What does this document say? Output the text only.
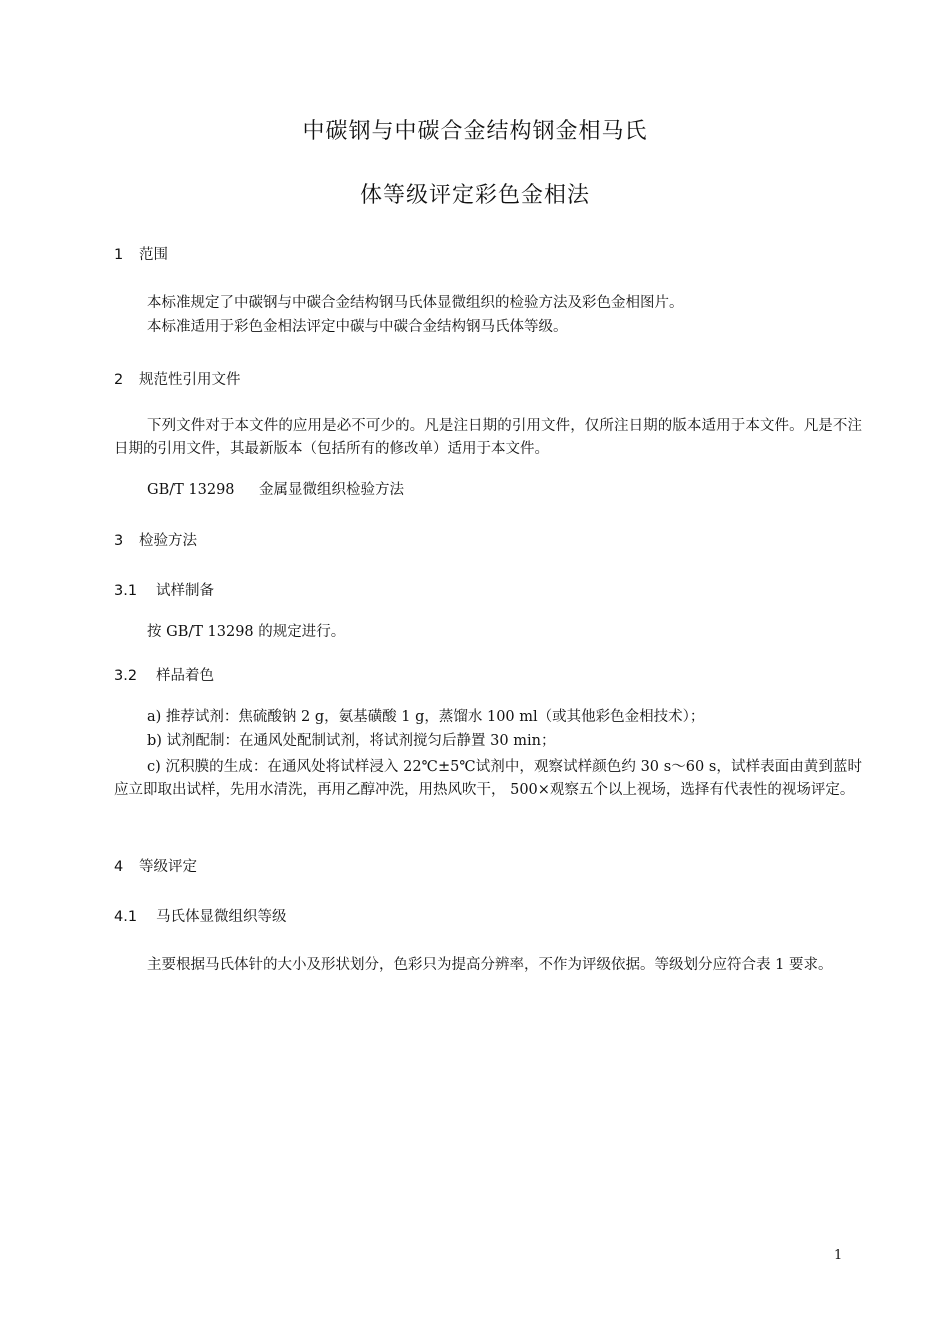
中碳钢与中碳合金结构钢金相马氏
体等级评定彩色金相法
1 范围
本标准规定了中碳钢与中碳合金结构钢马氏体显微组织的检验方法及彩色金相图片。
本标准适用于彩色金相法评定中碳与中碳合金结构钢马氏体等级。
2 规范性引用文件
下列文件对于本文件的应用是必不可少的。凡是注日期的引用文件，仅所注日期的版本适用于本文件。凡是不注日期的引用文件，其最新版本（包括所有的修改单）适用于本文件。
GB/T 13298 金属显微组织检验方法
3 检验方法
3.1 试样制备
按 GB/T 13298 的规定进行。
3.2 样品着色
a) 推荐试剂：焦硫酸钠 2 g，氨基磺酸 1 g，蒸馏水 100 ml（或其他彩色金相技术）；
b) 试剂配制：在通风处配制试剂，将试剂搅匀后静置 30 min；
c) 沉积膜的生成：在通风处将试样浸入 22℃±5℃试剂中，观察试样颜色约 30 s～60 s，试样表面由黄到蓝时应立即取出试样，先用水清洗，再用乙醇冲洗，用热风吹干， 500×观察五个以上视场，选择有代表性的视场评定。
4 等级评定
4.1 马氏体显微组织等级
主要根据马氏体针的大小及形状划分，色彩只为提高分辨率，不作为评级依据。等级划分应符合表 1 要求。
1
